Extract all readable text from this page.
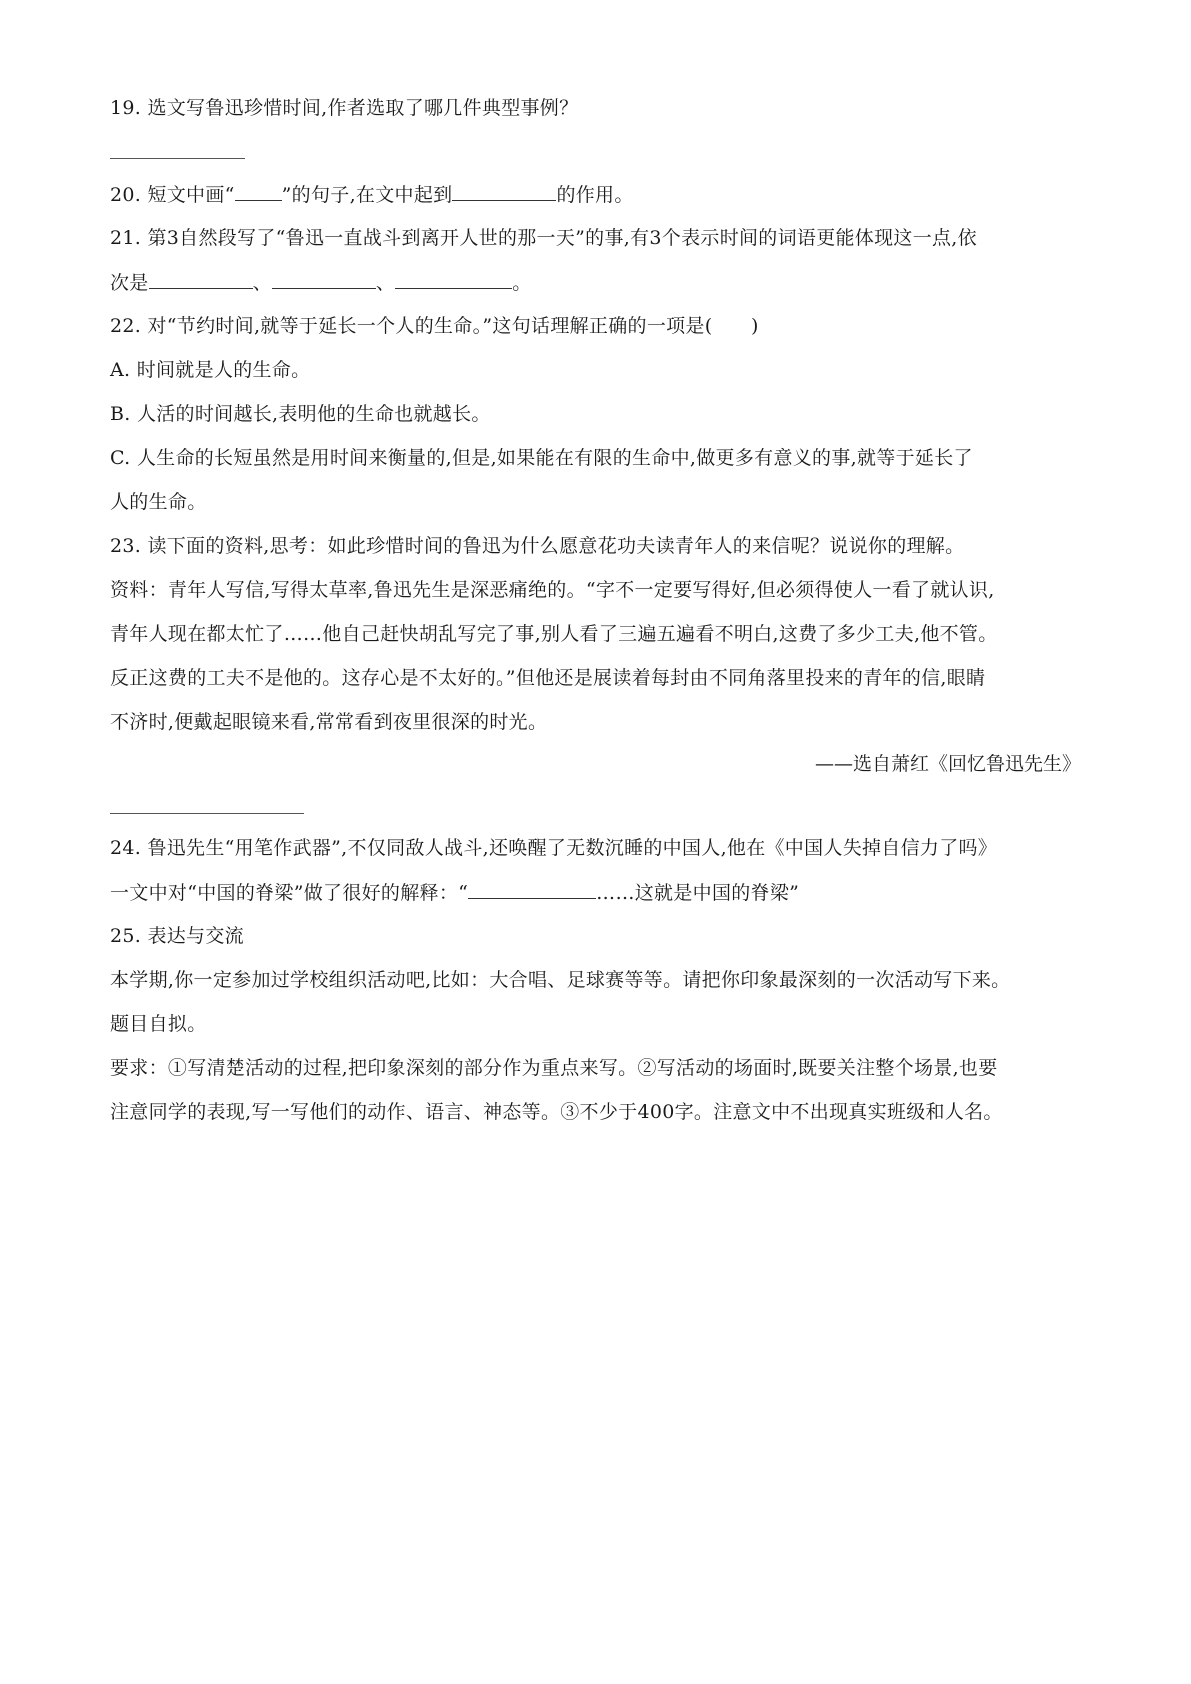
19. 选文写鲁迅珍惜时间,作者选取了哪几件典型事例？
20. 短文中画“ ”的句子,在文中起到	的作用。
21. 第3自然段写了“鲁迅一直战斗到离开人世的那一天”的事,有3个表示时间的词语更能体现这一点,依
次是	、	、	。
22. 对“节约时间,就等于延长一个人的生命。”这句话理解正确的一项是(　　)
A. 时间就是人的生命。
B. 人活的时间越长,表明他的生命也就越长。
C. 人生命的长短虽然是用时间来衡量的,但是,如果能在有限的生命中,做更多有意义的事,就等于延长了
人的生命。
23. 读下面的资料,思考：如此珍惜时间的鲁迅为什么愿意花功夫读青年人的来信呢？说说你的理解。
资料：青年人写信,写得太草率,鲁迅先生是深恶痛绝的。“字不一定要写得好,但必须得使人一看了就认识,
青年人现在都太忙了……他自己赶快胡乱写完了事,别人看了三遍五遍看不明白,这费了多少工夫,他不管。
反正这费的工夫不是他的。这存心是不太好的。”但他还是展读着每封由不同角落里投来的青年的信,眼睛
不济时,便戴起眼镜来看,常常看到夜里很深的时光。
——选自萧红《回忆鲁迅先生》
24. 鲁迅先生“用笔作武器”,不仅同敌人战斗,还唤醒了无数沉睡的中国人,他在《中国人失掉自信力了吗》
一文中对“中国的脊梁”做了很好的解释：“	……这就是中国的脊梁”
25. 表达与交流
本学期,你一定参加过学校组织活动吧,比如：大合唱、足球赛等等。请把你印象最深刻的一次活动写下来。
题目自拟。
要求：①写清楚活动的过程,把印象深刻的部分作为重点来写。②写活动的场面时,既要关注整个场景,也要
注意同学的表现,写一写他们的动作、语言、神态等。③不少于400字。注意文中不出现真实班级和人名。
